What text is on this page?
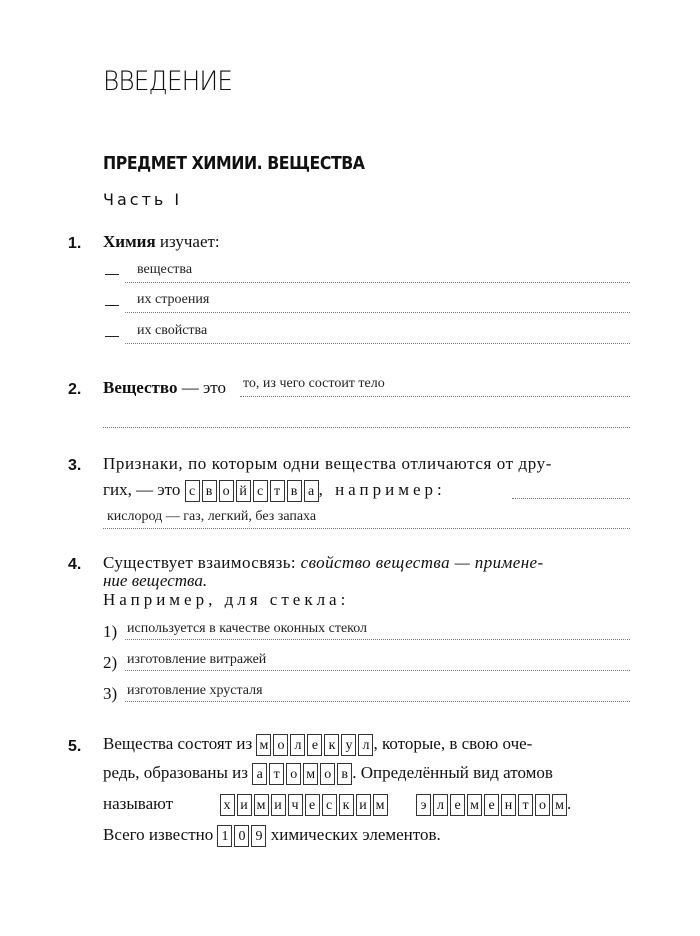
ВВЕДЕНИЕ
ПРЕДМЕТ ХИМИИ. ВЕЩЕСТВА
Часть I
1. Химия изучает:
вещества
их строения
их свойства
2. Вещество — это то, из чего состоит тело
3. Признаки, по которым одни вещества отличаются от дру-
гих, — это с в о й с т в а , например:
кислород — газ, легкий, без запаха
4. Существует взаимосвязь: свойство вещества — примене-
ние вещества.
Например, для стекла:
1) используется в качестве оконных стекол
2) изготовление витражей
3) изготовление хрусталя
5. Вещества состоят из м о л е к у л , которые, в свою оче-
редь, образованы из а т о м о в . Определённый вид атомов
называют	х и м и ч е с к и м
	э л е м е н т о м .
Всего известно 1 0 9 химических элементов.
